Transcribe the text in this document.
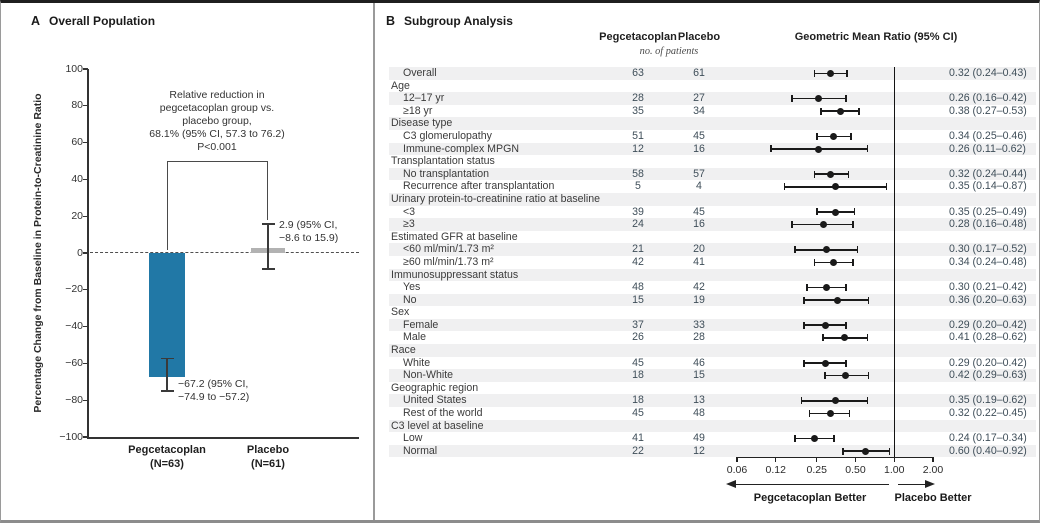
A Overall Population
Percentage Change from Baseline in Protein-to-Creatinine Ratio
100
80
60
40
20
0
−20
−40
−60
−80
−100
−67.2 (95% CI,
−74.9 to −57.2)
Pegcetacoplan
(N=63)
2.9 (95% CI,
−8.6 to 15.9)
Placebo
(N=61)
Relative reduction in
pegcetacoplan group vs.
placebo group,
68.1% (95% CI, 57.3 to 76.2)
P<0.001
B Subgroup Analysis
Pegcetacoplan Placebo
no. of patients
Geometric Mean Ratio (95% CI)
Overall	63	61	0.32 (0.24–0.43)
Age
12–17 yr	28	27	0.26 (0.16–0.42)
≥18 yr	35	34	0.38 (0.27–0.53)
Disease type
C3 glomerulopathy	51	45	0.34 (0.25–0.46)
Immune-complex MPGN	12	16	0.26 (0.11–0.62)
Transplantation status
No transplantation	58	57	0.32 (0.24–0.44)
Recurrence after transplantation	5	4	0.35 (0.14–0.87)
Urinary protein-to-creatinine ratio at baseline
<3	39	45	0.35 (0.25–0.49)
≥3	24	16	0.28 (0.16–0.48)
Estimated GFR at baseline
<60 ml/min/1.73 m²	21	20	0.30 (0.17–0.52)
≥60 ml/min/1.73 m²	42	41	0.34 (0.24–0.48)
Immunosuppressant status
Yes	48	42	0.30 (0.21–0.42)
No	15	19	0.36 (0.20–0.63)
Sex
Female	37	33	0.29 (0.20–0.42)
Male	26	28	0.41 (0.28–0.62)
Race
White	45	46	0.29 (0.20–0.42)
Non-White	18	15	0.42 (0.29–0.63)
Geographic region
United States	18	13	0.35 (0.19–0.62)
Rest of the world	45	48	0.32 (0.22–0.45)
C3 level at baseline
Low	41	49	0.24 (0.17–0.34)
Normal	22	12	0.60 (0.40–0.92)
0.06	0.12	0.25	0.50	1.00	2.00
Pegcetacoplan Better	Placebo Better
